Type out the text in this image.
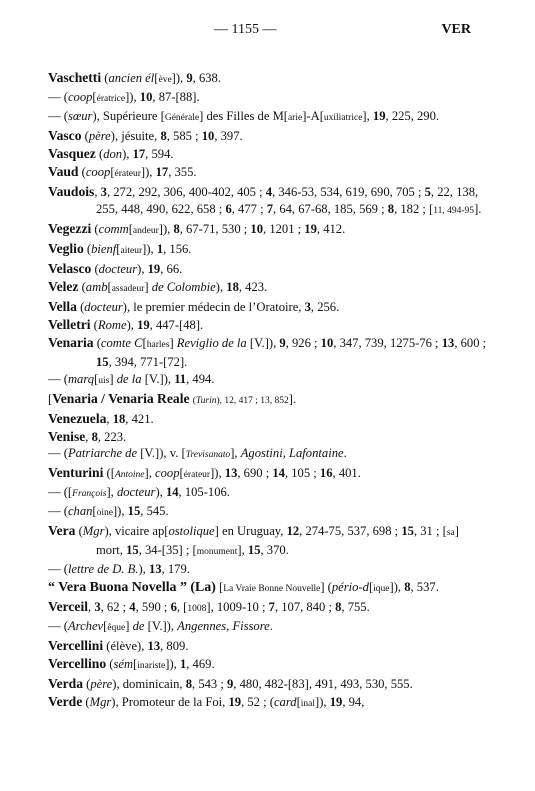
— 1155 —	VER

Vaschetti (ancien él[ève]), 9, 638.

— (coop[ératrice]), 10, 87-[88].

— (sœur), Supérieure [Générale] des Filles de M[arie]-A[uxiliatrice], 19, 225, 290.

Vasco (père), jésuite, 8, 585 ; 10, 397.

Vasquez (don), 17, 594.

Vaud (coop[érateur]), 17, 355.

Vaudois, 3, 272, 292, 306, 400-402, 405 ; 4, 346-53, 534, 619, 690, 705 ; 5, 22, 138, 255, 448, 490, 622, 658 ; 6, 477 ; 7, 64, 67-68, 185, 569 ; 8, 182 ; [11, 494-95].

Vegezzi (comm[andeur]), 8, 67-71, 530 ; 10, 1201 ; 19, 412.

Veglio (bienf[aiteur]), 1, 156.

Velasco (docteur), 19, 66.

Velez (amb[assadeur] de Colombie), 18, 423.

Vella (docteur), le premier médecin de l’Oratoire, 3, 256.

Velletri (Rome), 19, 447-[48].

Venaria (comte C[harles] Reviglio de la [V.]), 9, 926 ; 10, 347, 739, 1275-76 ; 13, 600 ; 15, 394, 771-[72].

— (marq[uis] de la [V.]), 11, 494.

[Venaria / Venaria Reale (Turin), 12, 417 ; 13, 852].

Venezuela, 18, 421.

Venise, 8, 223.

— (Patriarche de [V.]), v. [Trevisanato], Agostini, Lafontaine.

Venturini ([Antoine], coop[érateur]), 13, 690 ; 14, 105 ; 16, 401.

— ([François], docteur), 14, 105-106.

— (chan[oine]), 15, 545.

Vera (Mgr), vicaire ap[ostolique] en Uruguay, 12, 274-75, 537, 698 ; 15, 31 ; [sa] mort, 15, 34-[35] ; [monument], 15, 370.

— (lettre de D. B.), 13, 179.

“ Vera Buona Novella ” (La) [La Vraie Bonne Nouvelle] (pério-d[ique]), 8, 537.

Verceil, 3, 62 ; 4, 590 ; 6, [1008], 1009-10 ; 7, 107, 840 ; 8, 755.

— (Archev[êque] de [V.]), Angennes, Fissore.

Vercellini (élève), 13, 809.

Vercellino (sém[inariste]), 1, 469.

Verda (père), dominicain, 8, 543 ; 9, 480, 482-[83], 491, 493, 530, 555.

Verde (Mgr), Promoteur de la Foi, 19, 52 ; (card[inal]), 19, 94,
